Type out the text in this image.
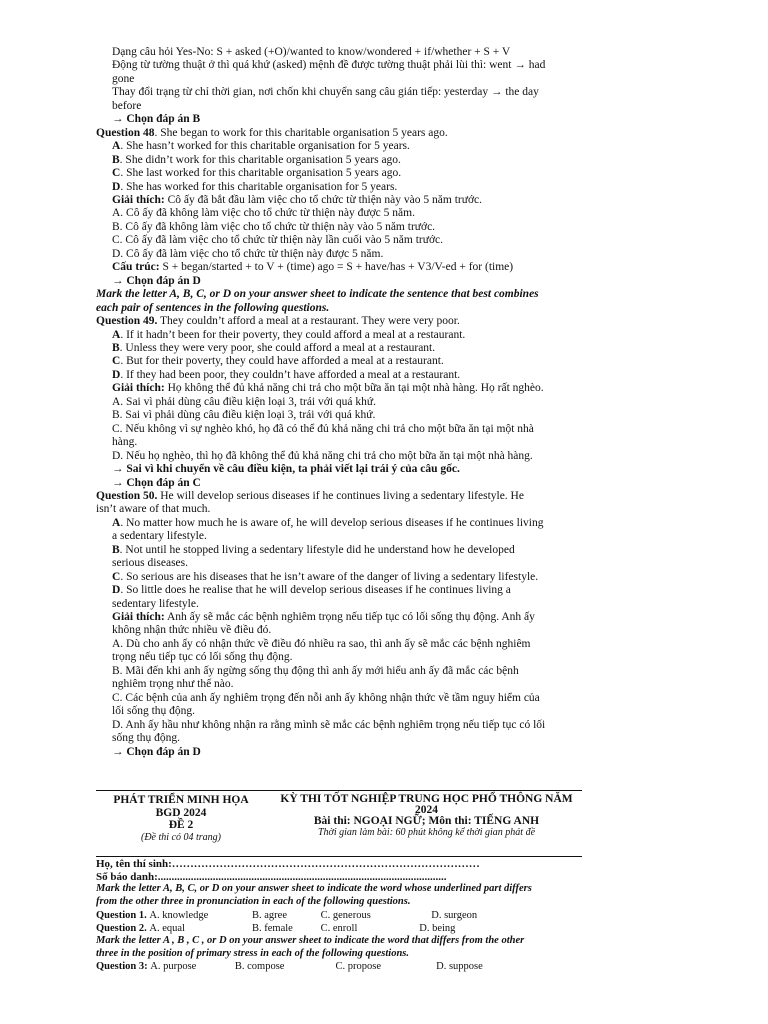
Dạng câu hỏi Yes-No: S + asked (+O)/wanted to know/wondered + if/whether + S + V
Động từ tường thuật ở thì quá khứ (asked) mệnh đề được tường thuật phải lùi thì: went → had
gone
Thay đổi trạng từ chỉ thời gian, nơi chốn khi chuyển sang câu gián tiếp: yesterday → the day
before
→ Chọn đáp án B
Question 48. She began to work for this charitable organisation 5 years ago.
A. She hasn’t worked for this charitable organisation for 5 years.
B. She didn’t work for this charitable organisation 5 years ago.
C. She last worked for this charitable organisation 5 years ago.
D. She has worked for this charitable organisation for 5 years.
Giải thích: Cô ấy đã bắt đầu làm việc cho tổ chức từ thiện này vào 5 năm trước.
A. Cô ấy đã không làm việc cho tổ chức từ thiện này được 5 năm.
B. Cô ấy đã không làm việc cho tổ chức từ thiện này vào 5 năm trước.
C. Cô ấy đã làm việc cho tổ chức từ thiện này lần cuối vào 5 năm trước.
D. Cô ấy đã làm việc cho tổ chức từ thiện này được 5 năm.
Cấu trúc: S + began/started + to V + (time) ago = S + have/has + V3/V-ed + for (time)
→ Chọn đáp án D
Mark the letter A, B, C, or D on your answer sheet to indicate the sentence that best combines
each pair of sentences in the following questions.
Question 49. They couldn’t afford a meal at a restaurant. They were very poor.
A. If it hadn’t been for their poverty, they could afford a meal at a restaurant.
B. Unless they were very poor, she could afford a meal at a restaurant.
C. But for their poverty, they could have afforded a meal at a restaurant.
D. If they had been poor, they couldn’t have afforded a meal at a restaurant.
Giải thích: Họ không thể đủ khả năng chi trả cho một bữa ăn tại một nhà hàng. Họ rất nghèo.
A. Sai vì phải dùng câu điều kiện loại 3, trái với quá khứ.
B. Sai vì phải dùng câu điều kiện loại 3, trái với quá khứ.
C. Nếu không vì sự nghèo khó, họ đã có thể đủ khả năng chi trả cho một bữa ăn tại một nhà
hàng.
D. Nếu họ nghèo, thì họ đã không thể đủ khả năng chi trả cho một bữa ăn tại một nhà hàng.
→ Sai vì khi chuyển về câu điều kiện, ta phải viết lại trái ý của câu gốc.
→ Chọn đáp án C
Question 50. He will develop serious diseases if he continues living a sedentary lifestyle. He
isn’t aware of that much.
A. No matter how much he is aware of, he will develop serious diseases if he continues living
a sedentary lifestyle.
B. Not until he stopped living a sedentary lifestyle did he understand how he developed
serious diseases.
C. So serious are his diseases that he isn’t aware of the danger of living a sedentary lifestyle.
D. So little does he realise that he will develop serious diseases if he continues living a
sedentary lifestyle.
Giải thích: Anh ấy sẽ mắc các bệnh nghiêm trọng nếu tiếp tục có lối sống thụ động. Anh ấy
không nhận thức nhiều về điều đó.
A. Dù cho anh ấy có nhận thức về điều đó nhiều ra sao, thì anh ấy sẽ mắc các bệnh nghiêm
trọng nếu tiếp tục có lối sống thụ động.
B. Mãi đến khi anh ấy ngừng sống thụ động thì anh ấy mới hiểu anh ấy đã mắc các bệnh
nghiêm trọng như thế nào.
C. Các bệnh của anh ấy nghiêm trọng đến nỗi anh ấy không nhận thức về tầm nguy hiểm của
lối sống thụ động.
D. Anh ấy hầu như không nhận ra rằng mình sẽ mắc các bệnh nghiêm trọng nếu tiếp tục có lối
sống thụ động.
→ Chọn đáp án D
PHÁT TRIỂN MINH HỌA
BGD 2024
ĐỀ 2
(Đề thi có 04 trang)
KỲ THI TỐT NGHIỆP TRUNG HỌC PHỔ THÔNG NĂM
2024
Bài thi: NGOẠI NGỮ; Môn thi: TIẾNG ANH
Thời gian làm bài: 60 phút không kể thời gian phát đề
Họ, tên thí sinh:…………………………………………………………………………
Số báo danh:.........................................................................................................
Mark the letter A, B, C, or D on your answer sheet to indicate the word whose underlined part differs
from the other three in pronunciation in each of the following questions.
Question 1. A. knowledge	B. agree	C. generous	D. surgeon
Question 2. A. equal	B. female	C. enroll	D. being
Mark the letter A , B , C , or D on your answer sheet to indicate the word that differs from the other
three in the position of primary stress in each of the following questions.
Question 3: A. purpose	B. compose	C. propose	D. suppose
